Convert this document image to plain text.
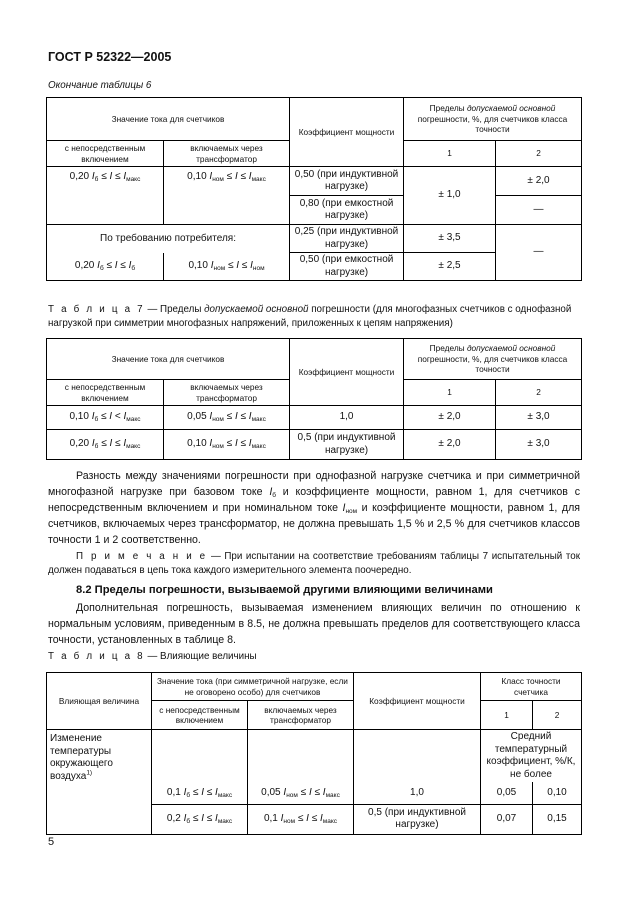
ГОСТ Р 52322—2005
Окончание таблицы 6
Значение тока для счетчиков		Коэффициент мощности	Пределы допускаемой основной погрешности, %, для счетчиков класса точности	
с непосредственным включением	включаемых через трансформатор		1	2
0,20 $I_б \le I \le I_{макс}$	0,10 $I_{ном} \le I \le I_{макс}$	0,50 (при индуктивной нагрузке)	± 1,0	± 2,0
		0,80 (при емкостной нагрузке)		—
По требованию потребителя:		0,25 (при индуктивной нагрузке)	± 3,5	—
0,20 $I_б \le I \le I_б$	0,10 $I_{ном} \le I \le I_{ном}$	0,50 (при емкостной нагрузке)	± 2,5	
Т а б л и ц а 7 — Пределы допускаемой основной погрешности (для многофазных счетчиков с однофазной нагрузкой при симметрии многофазных напряжений, приложенных к цепям напряжения)
Значение тока для счетчиков		Коэффициент мощности	Пределы допускаемой основной погрешности, %, для счетчиков класса точности	
с непосредственным включением	включаемых через трансформатор		1	2
0,10 $I_б \le I < I_{макс}$	0,05 $I_{ном} \le I \le I_{макс}$	1,0	± 2,0	± 3,0
0,20 $I_б \le I \le I_{макс}$	0,10 $I_{ном} \le I \le I_{макс}$	0,5 (при индуктивной нагрузке)	± 2,0	± 3,0
Разность между значениями погрешности при однофазной нагрузке счетчика и при симметричной многофазной нагрузке при базовом токе $I_б$ и коэффициенте мощности, равном 1, для счетчиков с непосредственным включением и при номинальном токе $I_{ном}$ и коэффициенте мощности, равном 1, для счетчиков, включаемых через трансформатор, не должна превышать 1,5 % и 2,5 % для счетчиков классов точности 1 и 2 соответственно.
П р и м е ч а н и е — При испытании на соответствие требованиям таблицы 7 испытательный ток должен подаваться в цепь тока каждого измерительного элемента поочередно.
8.2 Пределы погрешности, вызываемой другими влияющими величинами
Дополнительная погрешность, вызываемая изменением влияющих величин по отношению к нормальным условиям, приведенным в 8.5, не должна превышать пределов для соответствующего класса точности, установленных в таблице 8.
Т а б л и ц а 8 — Влияющие величины
Влияющая величина	Значение тока (при симметричной нагрузке, если не оговорено особо) для счетчиков		Коэффициент мощности	Класс точности счетчика	
	с непосредственным включением	включаемых через трансформатор		1	2
Изменение температуры окружающего воздуха$^{1)}$				Средний температурный коэффициент, %/К, не более	
	0,1 $I_б \le I \le I_{макс}$	0,05 $I_{ном} \le I \le I_{макс}$	1,0	0,05	0,10
	0,2 $I_б \le I \le I_{макс}$	0,1 $I_{ном} \le I \le I_{макс}$	0,5 (при индуктивной нагрузке)	0,07	0,15
5
